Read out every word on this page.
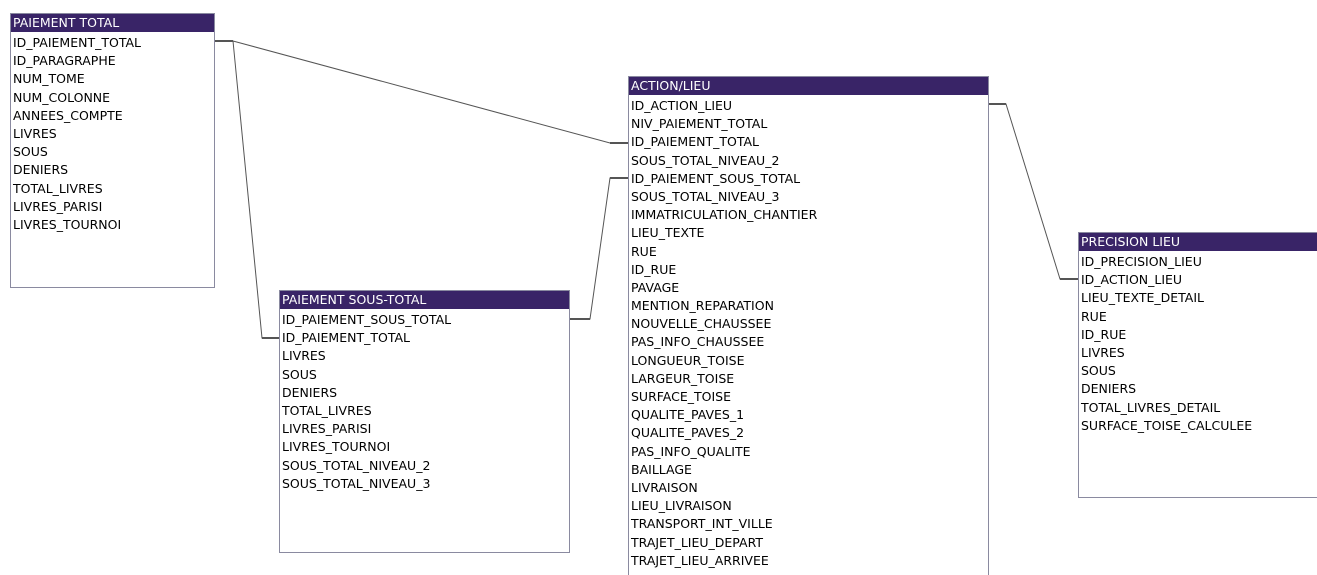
PAIEMENT TOTAL
ID_PAIEMENT_TOTAL
ID_PARAGRAPHE
NUM_TOME
NUM_COLONNE
ANNEES_COMPTE
LIVRES
SOUS
DENIERS
TOTAL_LIVRES
LIVRES_PARISI
LIVRES_TOURNOI
PAIEMENT SOUS-TOTAL
ID_PAIEMENT_SOUS_TOTAL
ID_PAIEMENT_TOTAL
LIVRES
SOUS
DENIERS
TOTAL_LIVRES
LIVRES_PARISI
LIVRES_TOURNOI
SOUS_TOTAL_NIVEAU_2
SOUS_TOTAL_NIVEAU_3
ACTION/LIEU
ID_ACTION_LIEU
NIV_PAIEMENT_TOTAL
ID_PAIEMENT_TOTAL
SOUS_TOTAL_NIVEAU_2
ID_PAIEMENT_SOUS_TOTAL
SOUS_TOTAL_NIVEAU_3
IMMATRICULATION_CHANTIER
LIEU_TEXTE
RUE
ID_RUE
PAVAGE
MENTION_REPARATION
NOUVELLE_CHAUSSEE
PAS_INFO_CHAUSSEE
LONGUEUR_TOISE
LARGEUR_TOISE
SURFACE_TOISE
QUALITE_PAVES_1
QUALITE_PAVES_2
PAS_INFO_QUALITE
BAILLAGE
LIVRAISON
LIEU_LIVRAISON
TRANSPORT_INT_VILLE
TRAJET_LIEU_DEPART
TRAJET_LIEU_ARRIVEE
PRECISION LIEU
ID_PRECISION_LIEU
ID_ACTION_LIEU
LIEU_TEXTE_DETAIL
RUE
ID_RUE
LIVRES
SOUS
DENIERS
TOTAL_LIVRES_DETAIL
SURFACE_TOISE_CALCULEE
